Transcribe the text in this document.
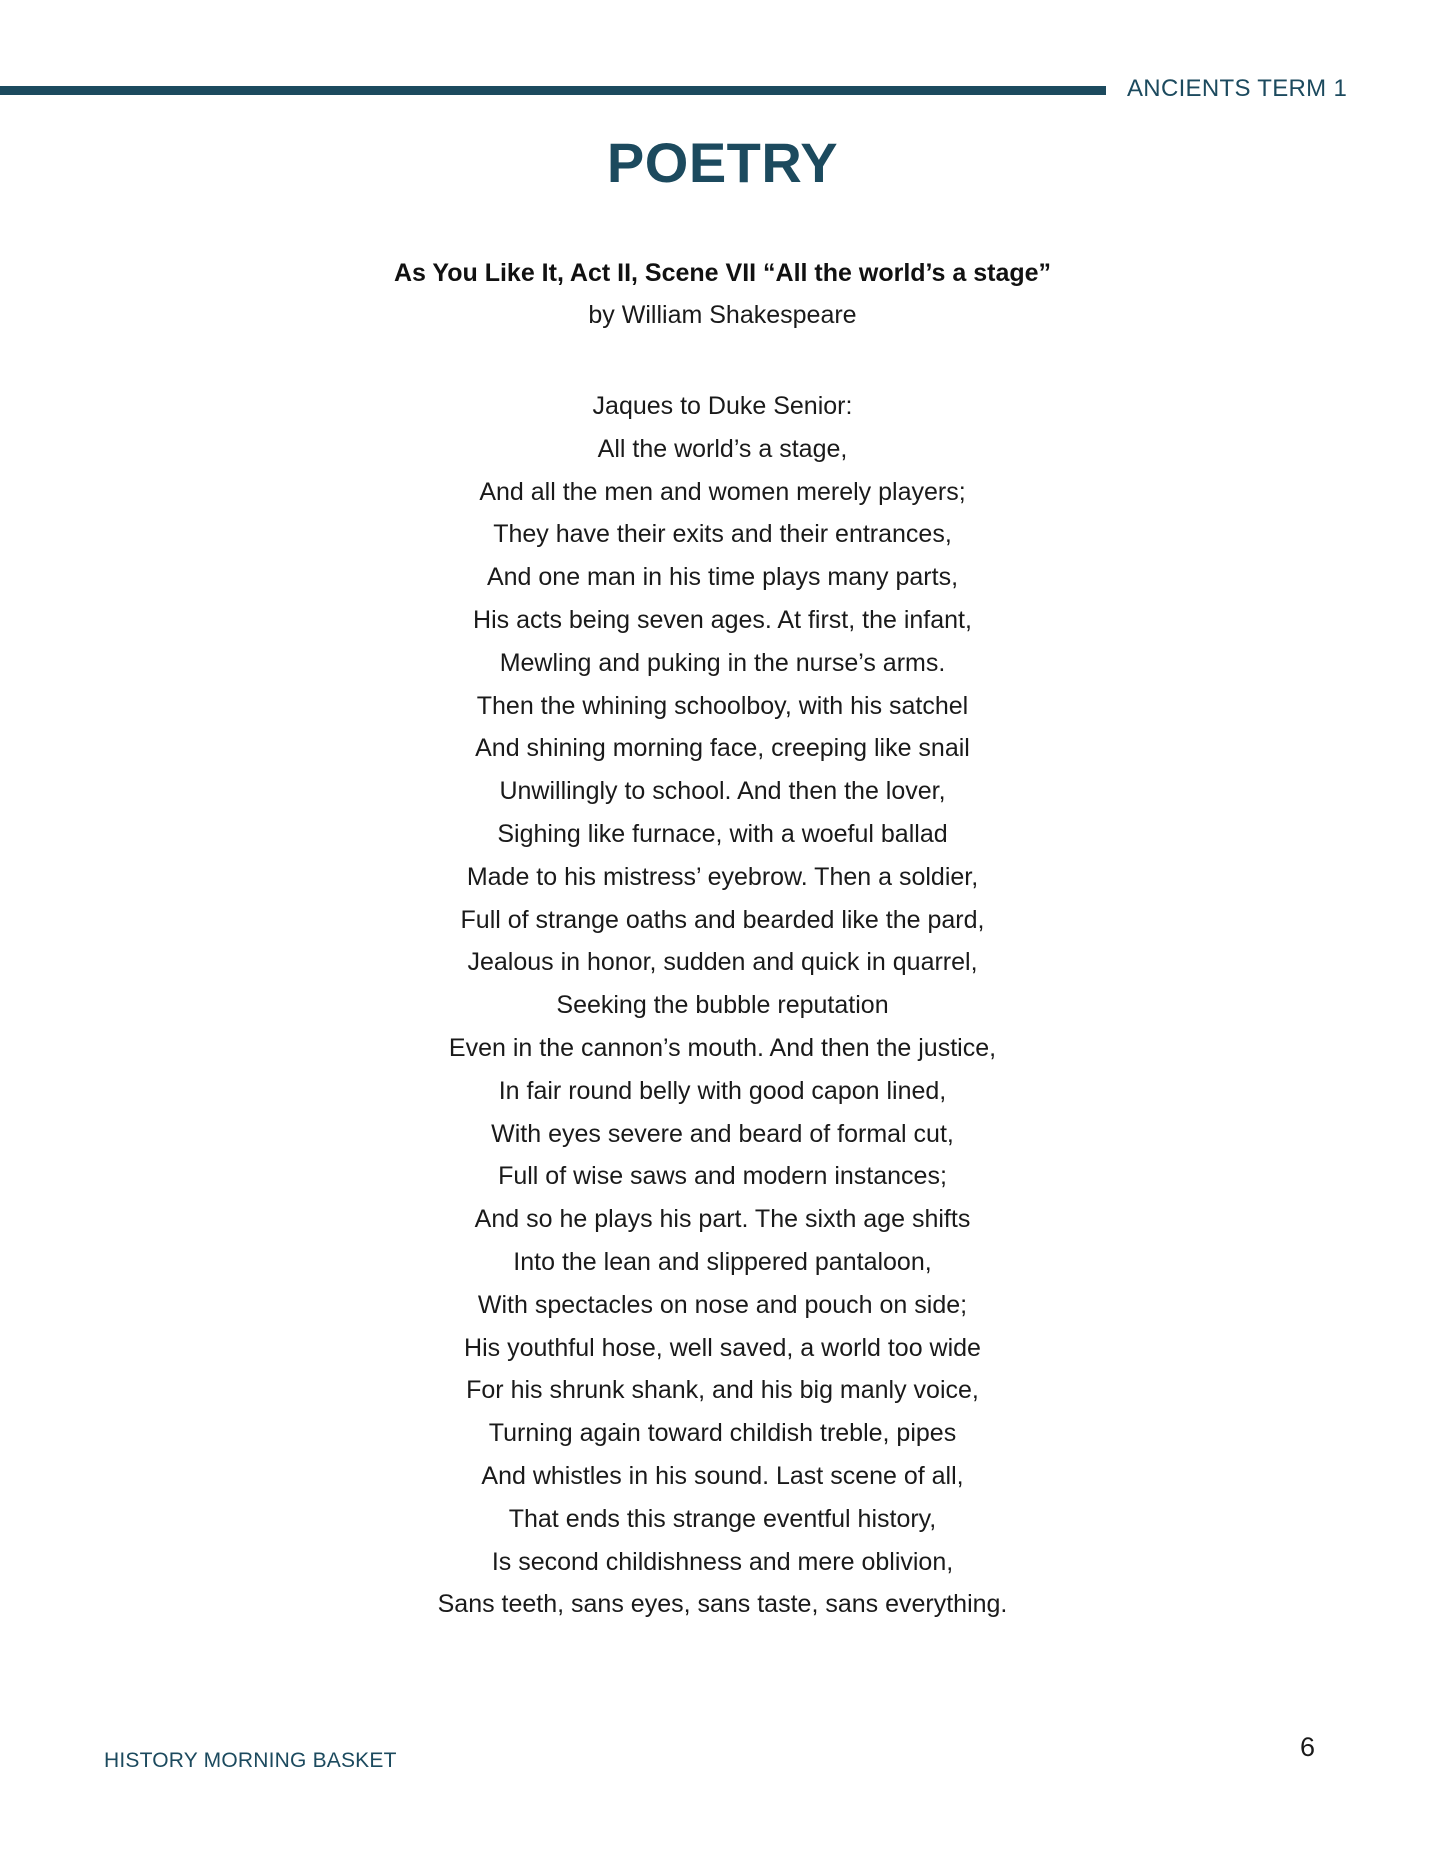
ANCIENTS TERM 1
POETRY
As You Like It, Act II, Scene VII “All the world’s a stage”
by William Shakespeare
Jaques to Duke Senior:
All the world’s a stage,
And all the men and women merely players;
They have their exits and their entrances,
And one man in his time plays many parts,
His acts being seven ages. At first, the infant,
Mewling and puking in the nurse’s arms.
Then the whining schoolboy, with his satchel
And shining morning face, creeping like snail
Unwillingly to school. And then the lover,
Sighing like furnace, with a woeful ballad
Made to his mistress’ eyebrow. Then a soldier,
Full of strange oaths and bearded like the pard,
Jealous in honor, sudden and quick in quarrel,
Seeking the bubble reputation
Even in the cannon’s mouth. And then the justice,
In fair round belly with good capon lined,
With eyes severe and beard of formal cut,
Full of wise saws and modern instances;
And so he plays his part. The sixth age shifts
Into the lean and slippered pantaloon,
With spectacles on nose and pouch on side;
His youthful hose, well saved, a world too wide
For his shrunk shank, and his big manly voice,
Turning again toward childish treble, pipes
And whistles in his sound. Last scene of all,
That ends this strange eventful history,
Is second childishness and mere oblivion,
Sans teeth, sans eyes, sans taste, sans everything.
HISTORY MORNING BASKET	6
